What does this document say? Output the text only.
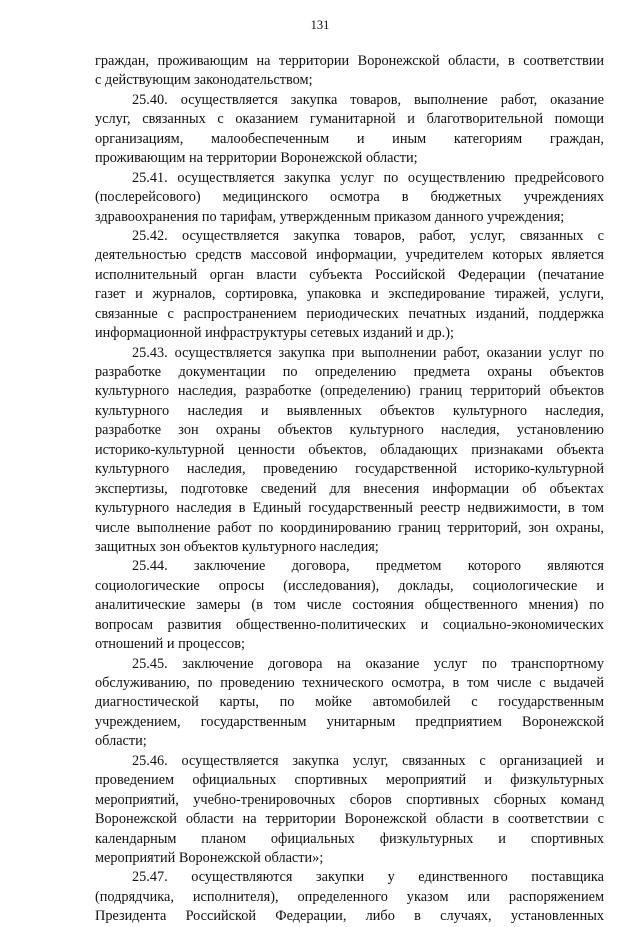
131
граждан, проживающим на территории Воронежской области, в соответствии
с действующим законодательством;
25.40. осуществляется закупка товаров, выполнение работ, оказание
услуг, связанных с оказанием гуманитарной и благотворительной помощи
организациям, малообеспеченным и иным категориям граждан,
проживающим на территории Воронежской области;
25.41. осуществляется закупка услуг по осуществлению предрейсового
(послерейсового) медицинского осмотра в бюджетных учреждениях
здравоохранения по тарифам, утвержденным приказом данного учреждения;
25.42. осуществляется закупка товаров, работ, услуг, связанных с
деятельностью средств массовой информации, учредителем которых является
исполнительный орган власти субъекта Российской Федерации (печатание
газет и журналов, сортировка, упаковка и экспедирование тиражей, услуги,
связанные с распространением периодических печатных изданий, поддержка
информационной инфраструктуры сетевых изданий и др.);
25.43. осуществляется закупка при выполнении работ, оказании услуг по
разработке документации по определению предмета охраны объектов
культурного наследия, разработке (определению) границ территорий объектов
культурного наследия и выявленных объектов культурного наследия,
разработке зон охраны объектов культурного наследия, установлению
историко-культурной ценности объектов, обладающих признаками объекта
культурного наследия, проведению государственной историко-культурной
экспертизы, подготовке сведений для внесения информации об объектах
культурного наследия в Единый государственный реестр недвижимости, в том
числе выполнение работ по координированию границ территорий, зон охраны,
защитных зон объектов культурного наследия;
25.44. заключение договора, предметом которого являются
социологические опросы (исследования), доклады, социологические и
аналитические замеры (в том числе состояния общественного мнения) по
вопросам развития общественно-политических и социально-экономических
отношений и процессов;
25.45. заключение договора на оказание услуг по транспортному
обслуживанию, по проведению технического осмотра, в том числе с выдачей
диагностической карты, по мойке автомобилей с государственным
учреждением, государственным унитарным предприятием Воронежской
области;
25.46. осуществляется закупка услуг, связанных с организацией и
проведением официальных спортивных мероприятий и физкультурных
мероприятий, учебно-тренировочных сборов спортивных сборных команд
Воронежской области на территории Воронежской области в соответствии с
календарным планом официальных физкультурных и спортивных
мероприятий Воронежской области»;
25.47. осуществляются закупки у единственного поставщика
(подрядчика, исполнителя), определенного указом или распоряжением
Президента Российской Федерации, либо в случаях, установленных
